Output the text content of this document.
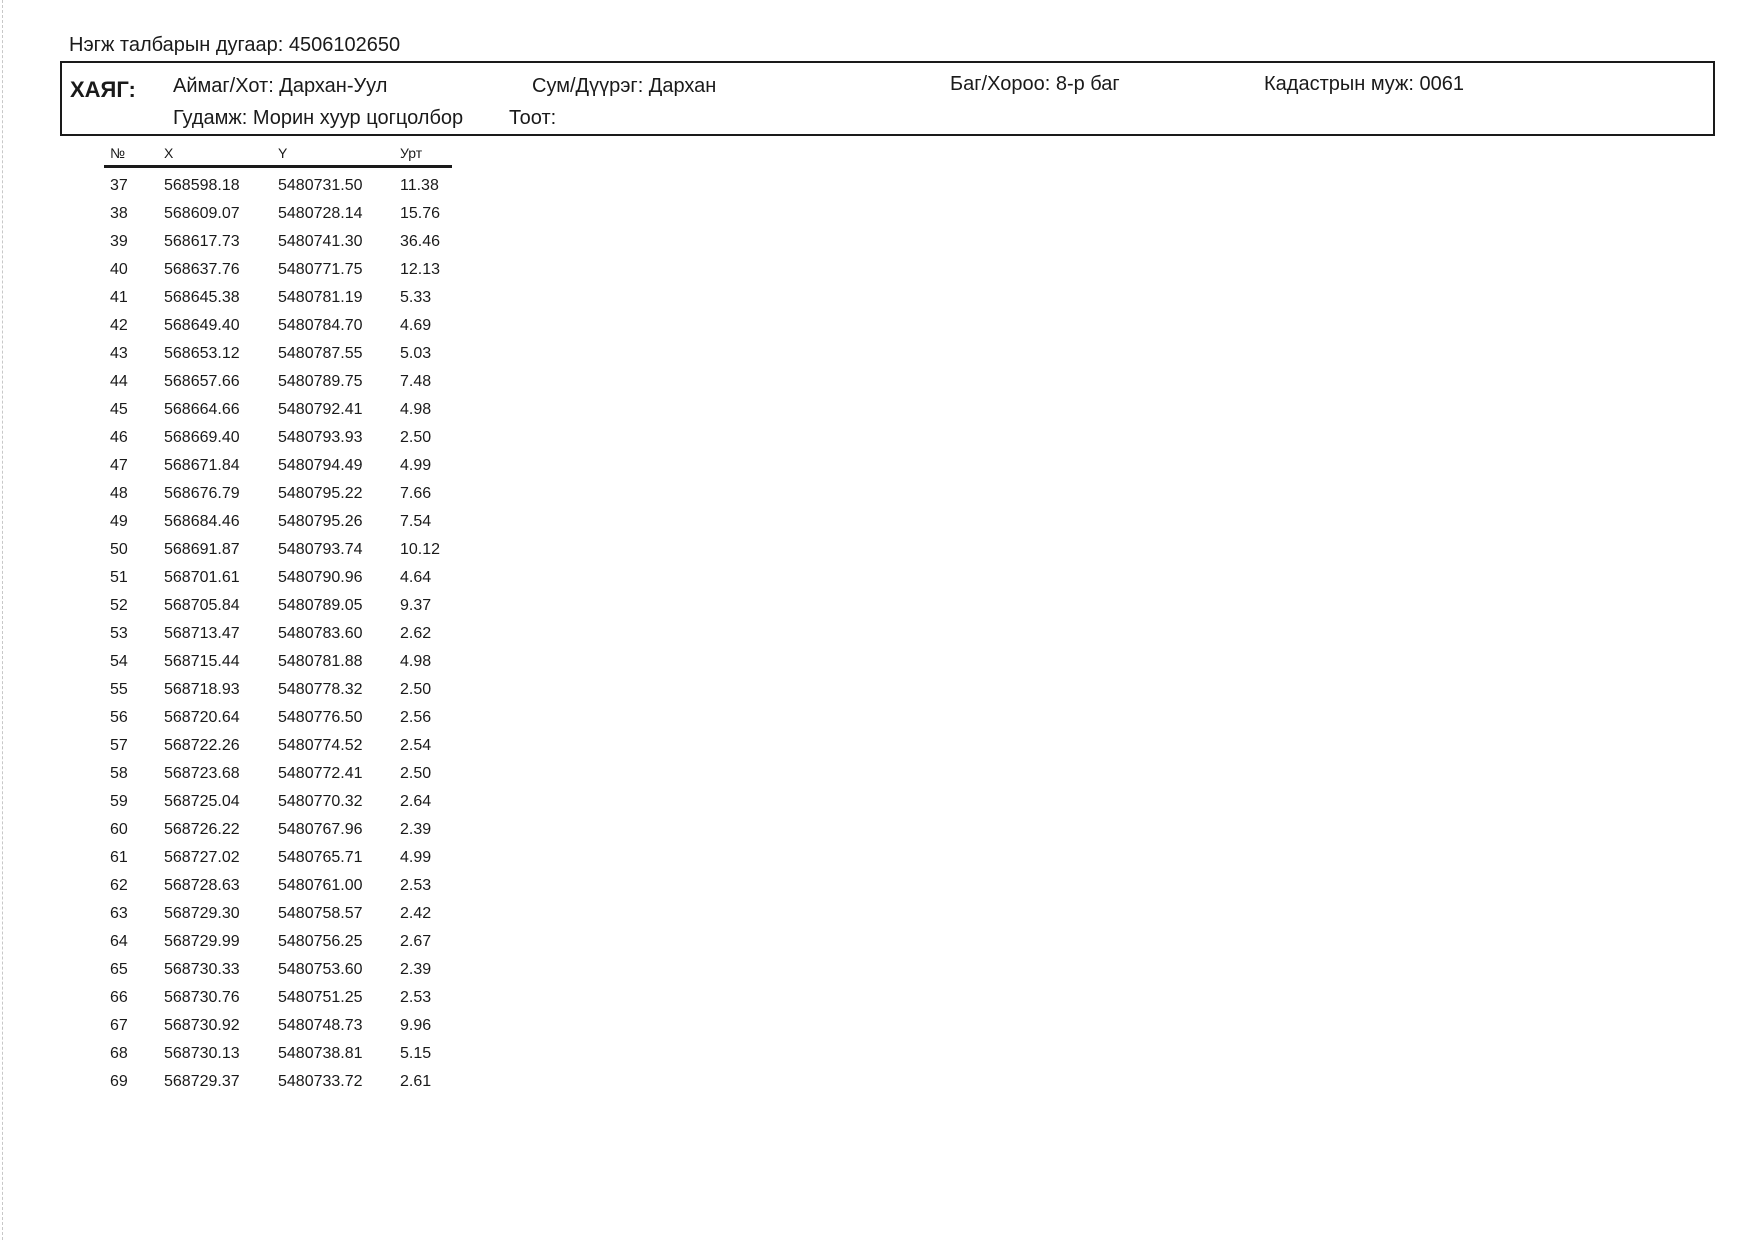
Нэгж талбарын дугаар: 4506102650
ХАЯГ: Аймаг/Хот: Дархан-Уул	Сум/Дүүрэг: Дархан	Баг/Хороо: 8-р баг	Кадастрын муж: 0061
Гудамж: Морин хуур цогцолбор Тоот:
№	X	Y	Урт
37	568598.18	5480731.50	11.38
38	568609.07	5480728.14	15.76
39	568617.73	5480741.30	36.46
40	568637.76	5480771.75	12.13
41	568645.38	5480781.19	5.33
42	568649.40	5480784.70	4.69
43	568653.12	5480787.55	5.03
44	568657.66	5480789.75	7.48
45	568664.66	5480792.41	4.98
46	568669.40	5480793.93	2.50
47	568671.84	5480794.49	4.99
48	568676.79	5480795.22	7.66
49	568684.46	5480795.26	7.54
50	568691.87	5480793.74	10.12
51	568701.61	5480790.96	4.64
52	568705.84	5480789.05	9.37
53	568713.47	5480783.60	2.62
54	568715.44	5480781.88	4.98
55	568718.93	5480778.32	2.50
56	568720.64	5480776.50	2.56
57	568722.26	5480774.52	2.54
58	568723.68	5480772.41	2.50
59	568725.04	5480770.32	2.64
60	568726.22	5480767.96	2.39
61	568727.02	5480765.71	4.99
62	568728.63	5480761.00	2.53
63	568729.30	5480758.57	2.42
64	568729.99	5480756.25	2.67
65	568730.33	5480753.60	2.39
66	568730.76	5480751.25	2.53
67	568730.92	5480748.73	9.96
68	568730.13	5480738.81	5.15
69	568729.37	5480733.72	2.61
